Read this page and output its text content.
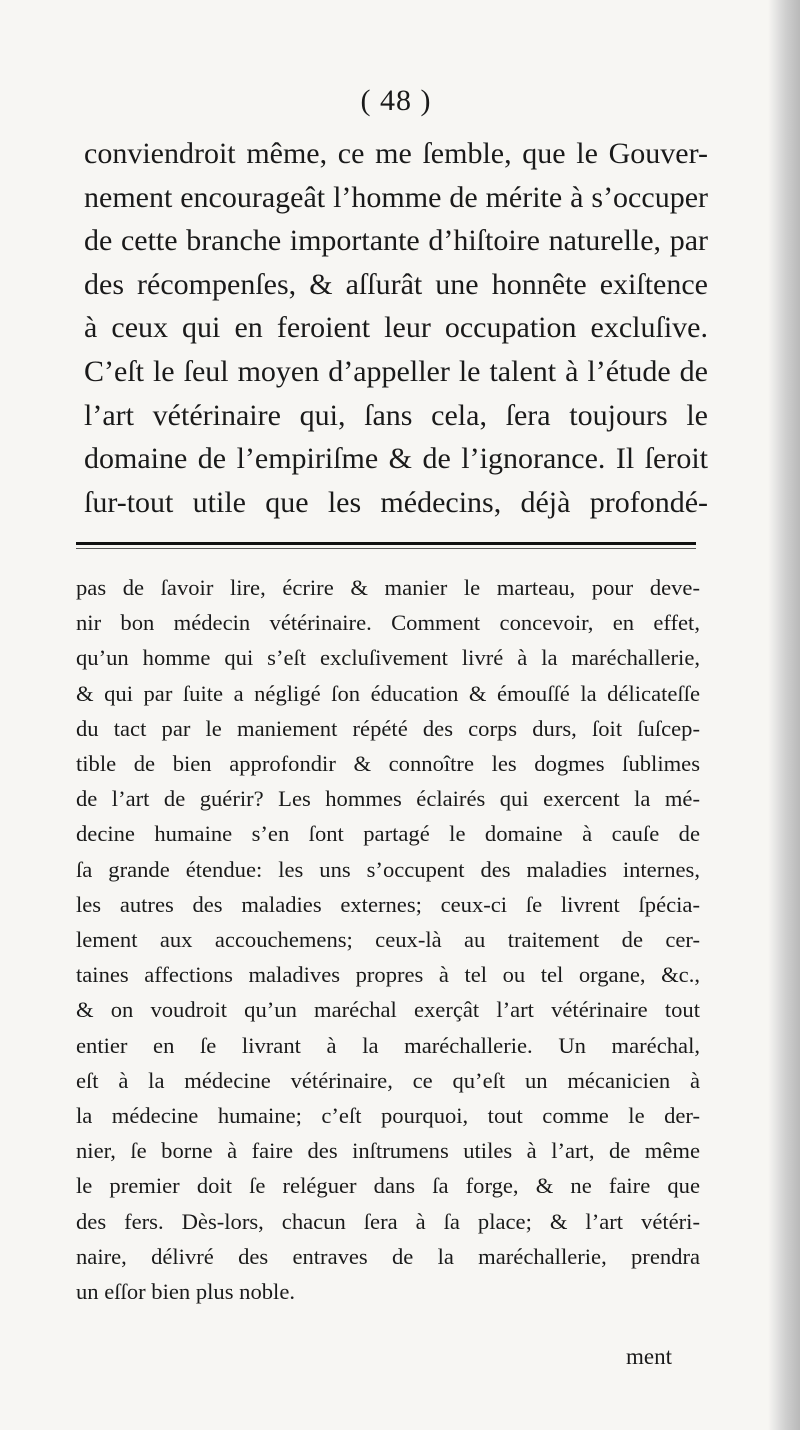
( 48 )
conviendroit même, ce me ſemble, que le Gouver-
nement encourageât l’homme de mérite à s’occuper
de cette branche importante d’hiſtoire naturelle, par
des récompenſes, & aſſurât une honnête exiſtence
à ceux qui en feroient leur occupation excluſive.
C’eſt le ſeul moyen d’appeller le talent à l’étude de
l’art vétérinaire qui, ſans cela, ſera toujours le
domaine de l’empiriſme & de l’ignorance. Il ſeroit
ſur-tout utile que les médecins, déjà profondé-
pas de ſavoir lire, écrire & manier le marteau, pour deve-
nir bon médecin vétérinaire. Comment concevoir, en effet,
qu’un homme qui s’eſt excluſivement livré à la maréchallerie,
& qui par ſuite a négligé ſon éducation & émouſſé la délicateſſe
du tact par le maniement répété des corps durs, ſoit ſuſcep-
tible de bien approfondir & connoître les dogmes ſublimes
de l’art de guérir? Les hommes éclairés qui exercent la mé-
decine humaine s’en ſont partagé le domaine à cauſe de
ſa grande étendue: les uns s’occupent des maladies internes,
les autres des maladies externes; ceux-ci ſe livrent ſpécia-
lement aux accouchemens; ceux-là au traitement de cer-
taines affections maladives propres à tel ou tel organe, &c.,
& on voudroit qu’un maréchal exerçât l’art vétérinaire tout
entier en ſe livrant à la maréchallerie. Un maréchal,
eſt à la médecine vétérinaire, ce qu’eſt un mécanicien à
la médecine humaine; c’eſt pourquoi, tout comme le der-
nier, ſe borne à faire des inſtrumens utiles à l’art, de même
le premier doit ſe reléguer dans ſa forge, & ne faire que
des fers. Dès-lors, chacun ſera à ſa place; & l’art vétéri-
naire, délivré des entraves de la maréchallerie, prendra
un eſſor bien plus noble.
ment
